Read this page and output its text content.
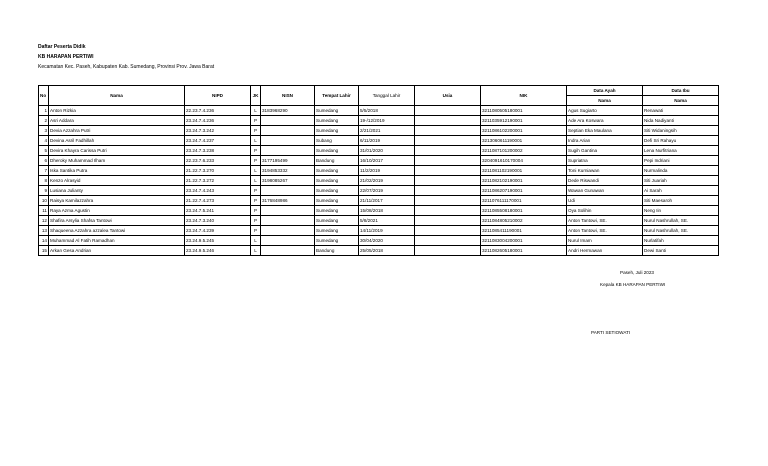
Daftar Peserta Didik
KB HARAPAN PERTIWI
Kecamatan Kec. Paseh, Kabupaten Kab. Sumedang, Provinsi Prov. Jawa Barat
No	Nama	NIPD	JK	NISN	Tempat Lahir	Tanggal Lahir	Usia	NIK	Data Ayah	Data Ibu
									Nama	Nama
1	Anton Rizkia	22.23.7.4.236	L	3183968290	Sumedang	5/5/2018		3211080505180001	Agus Sugiarto	Renawati
2	Asri Addara	23.24.7.4.236	P		Sumedang	19-/12/2019		3211035912190001	Ade Ara Koswara	Nida Nadiyanti
3	Devia Azzahra Putri	23.24.7.3.242	P		Sumedang	2/21/2021		3211086102200001	Septian Eka Maulana	Siti Widaningsih
4	Devina Asril Fadhillah	23.24.7.4.237	L		Subang	6/11/2019		3213060611190001	Indra Arian	Defi Sri Rahayu
5	Devira Khayra Carissa Putri	23.24.7.3.238	P		Sumedang	31/01/2020		3211087101200002	Sugih Gantina	Lena Nurfitriana
6	Dheroky Muhammad Ilham	22.23.7.6.233	P	3177195499	Bandung	16/10/2017		3204091610170004	Supriatna	Pepi Indriani
7	Iska Santika Putra	21.22.7.3.270	L	3194853332	Sumedang	11/2/2019		3211081102190001	Toni Kurniawan	Nurmalinda
8	Kenzo Alrasyid	21.22.7.3.272	L	3198085267	Sumedang	21/02/2019		3211082102190001	Dede Riswandi	Siti Juariah
9	Lusiana Julianty	23.24.7.4.243	P		Sumedang	22/07/2019		3211086207190001	Wawan Gunawan	Ai Sarah
10	Raisya Kamilazzahra	21.22.7.4.273	P	3176848986	Sumedang	21/11/2017		3211076111170001	Udi	Siti Maesaroh
11	Raya Azma Agustin	23.24.7.5.241	P		Sumedang	15/08/2018		3211085508180001	Oya Solihin	Neng Iin
12	Shafira Arsylia Shafsa Tantowi	23.24.7.3.240	P		Sumedang	5/8/2021		3211084805210002	Anton Tantowi, SE.	Nurul Nashrullah, SE.
13	Shaqueena Azzahra azzalea Tantowi	23.24.7.4.239	P		Sumedang	14/11/2019		3211085411190001	Anton Tantowi, SE.	Nurul Nashrullah, SE.
14	Muhammad Al Fatih Ramadhan	23.24.9.5.245	L		Sumedang	30/04/2020		3211083004200001	Nurul Imam	Nurlatifah
15	Arkan Gesa Andrian	23.24.9.5.246	L		Bandung	25/05/2018		3211082605180001	Andri Hermawan	Dewi Santi
Paseh, Juli 2023
Kepala KB HARAPAN PERTIWI
PARTI SETIOWATI
